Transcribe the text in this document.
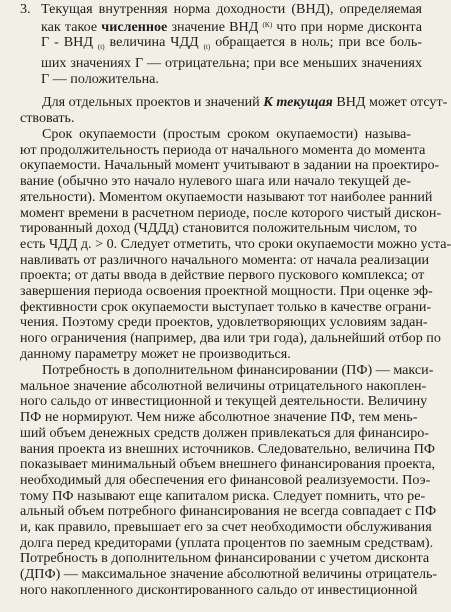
3. Текущая внутренняя норма доходности (ВНД), определяемая
как такое численное значение ВНД $^{(K)}$ что при норме дисконта
Г - ВНД $_{(t)}$ величина ЧДД $_{(t)}$ обращается в ноль; при все боль-
ших значениях Г — отрицательна; при все меньших значениях
Г — положительна.
Для отдельных проектов и значений К текущая ВНД может отсут-
ствовать.
Срок окупаемости (простым сроком окупаемости) называ-
ют продолжительность периода от начального момента до момента
окупаемости. Начальный момент учитывают в задании на проектиро-
вание (обычно это начало нулевого шага или начало текущей де-
ятельности). Моментом окупаемости называют тот наиболее ранний
момент времени в расчетном периоде, после которого чистый дискон-
тированный доход (ЧДДд) становится положительным числом, то
есть ЧДД д. > 0. Следует отметить, что сроки окупаемости можно уста-
навливать от различного начального момента: от начала реализации
проекта; от даты ввода в действие первого пускового комплекса; от
завершения периода освоения проектной мощности. При оценке эф-
фективности срок окупаемости выступает только в качестве ограни-
чения. Поэтому среди проектов, удовлетворяющих условиям задан-
ного ограничения (например, два или три года), дальнейший отбор по
данному параметру может не производиться.
Потребность в дополнительном финансировании (ПФ) — макси-
мальное значение абсолютной величины отрицательного накоплен-
ного сальдо от инвестиционной и текущей деятельности. Величину
ПФ не нормируют. Чем ниже абсолютное значение ПФ, тем мень-
ший объем денежных средств должен привлекаться для финансиро-
вания проекта из внешних источников. Следовательно, величина ПФ
показывает минимальный объем внешнего финансирования проекта,
необходимый для обеспечения его финансовой реализуемости. Поэ-
тому ПФ называют еще капиталом риска. Следует помнить, что ре-
альный объем потребного финансирования не всегда совпадает с ПФ
и, как правило, превышает его за счет необходимости обслуживания
долга перед кредиторами (уплата процентов по заемным средствам).
Потребность в дополнительном финансировании с учетом дисконта
(ДПФ) — максимальное значение абсолютной величины отрицатель-
ного накопленного дисконтированного сальдо от инвестиционной
